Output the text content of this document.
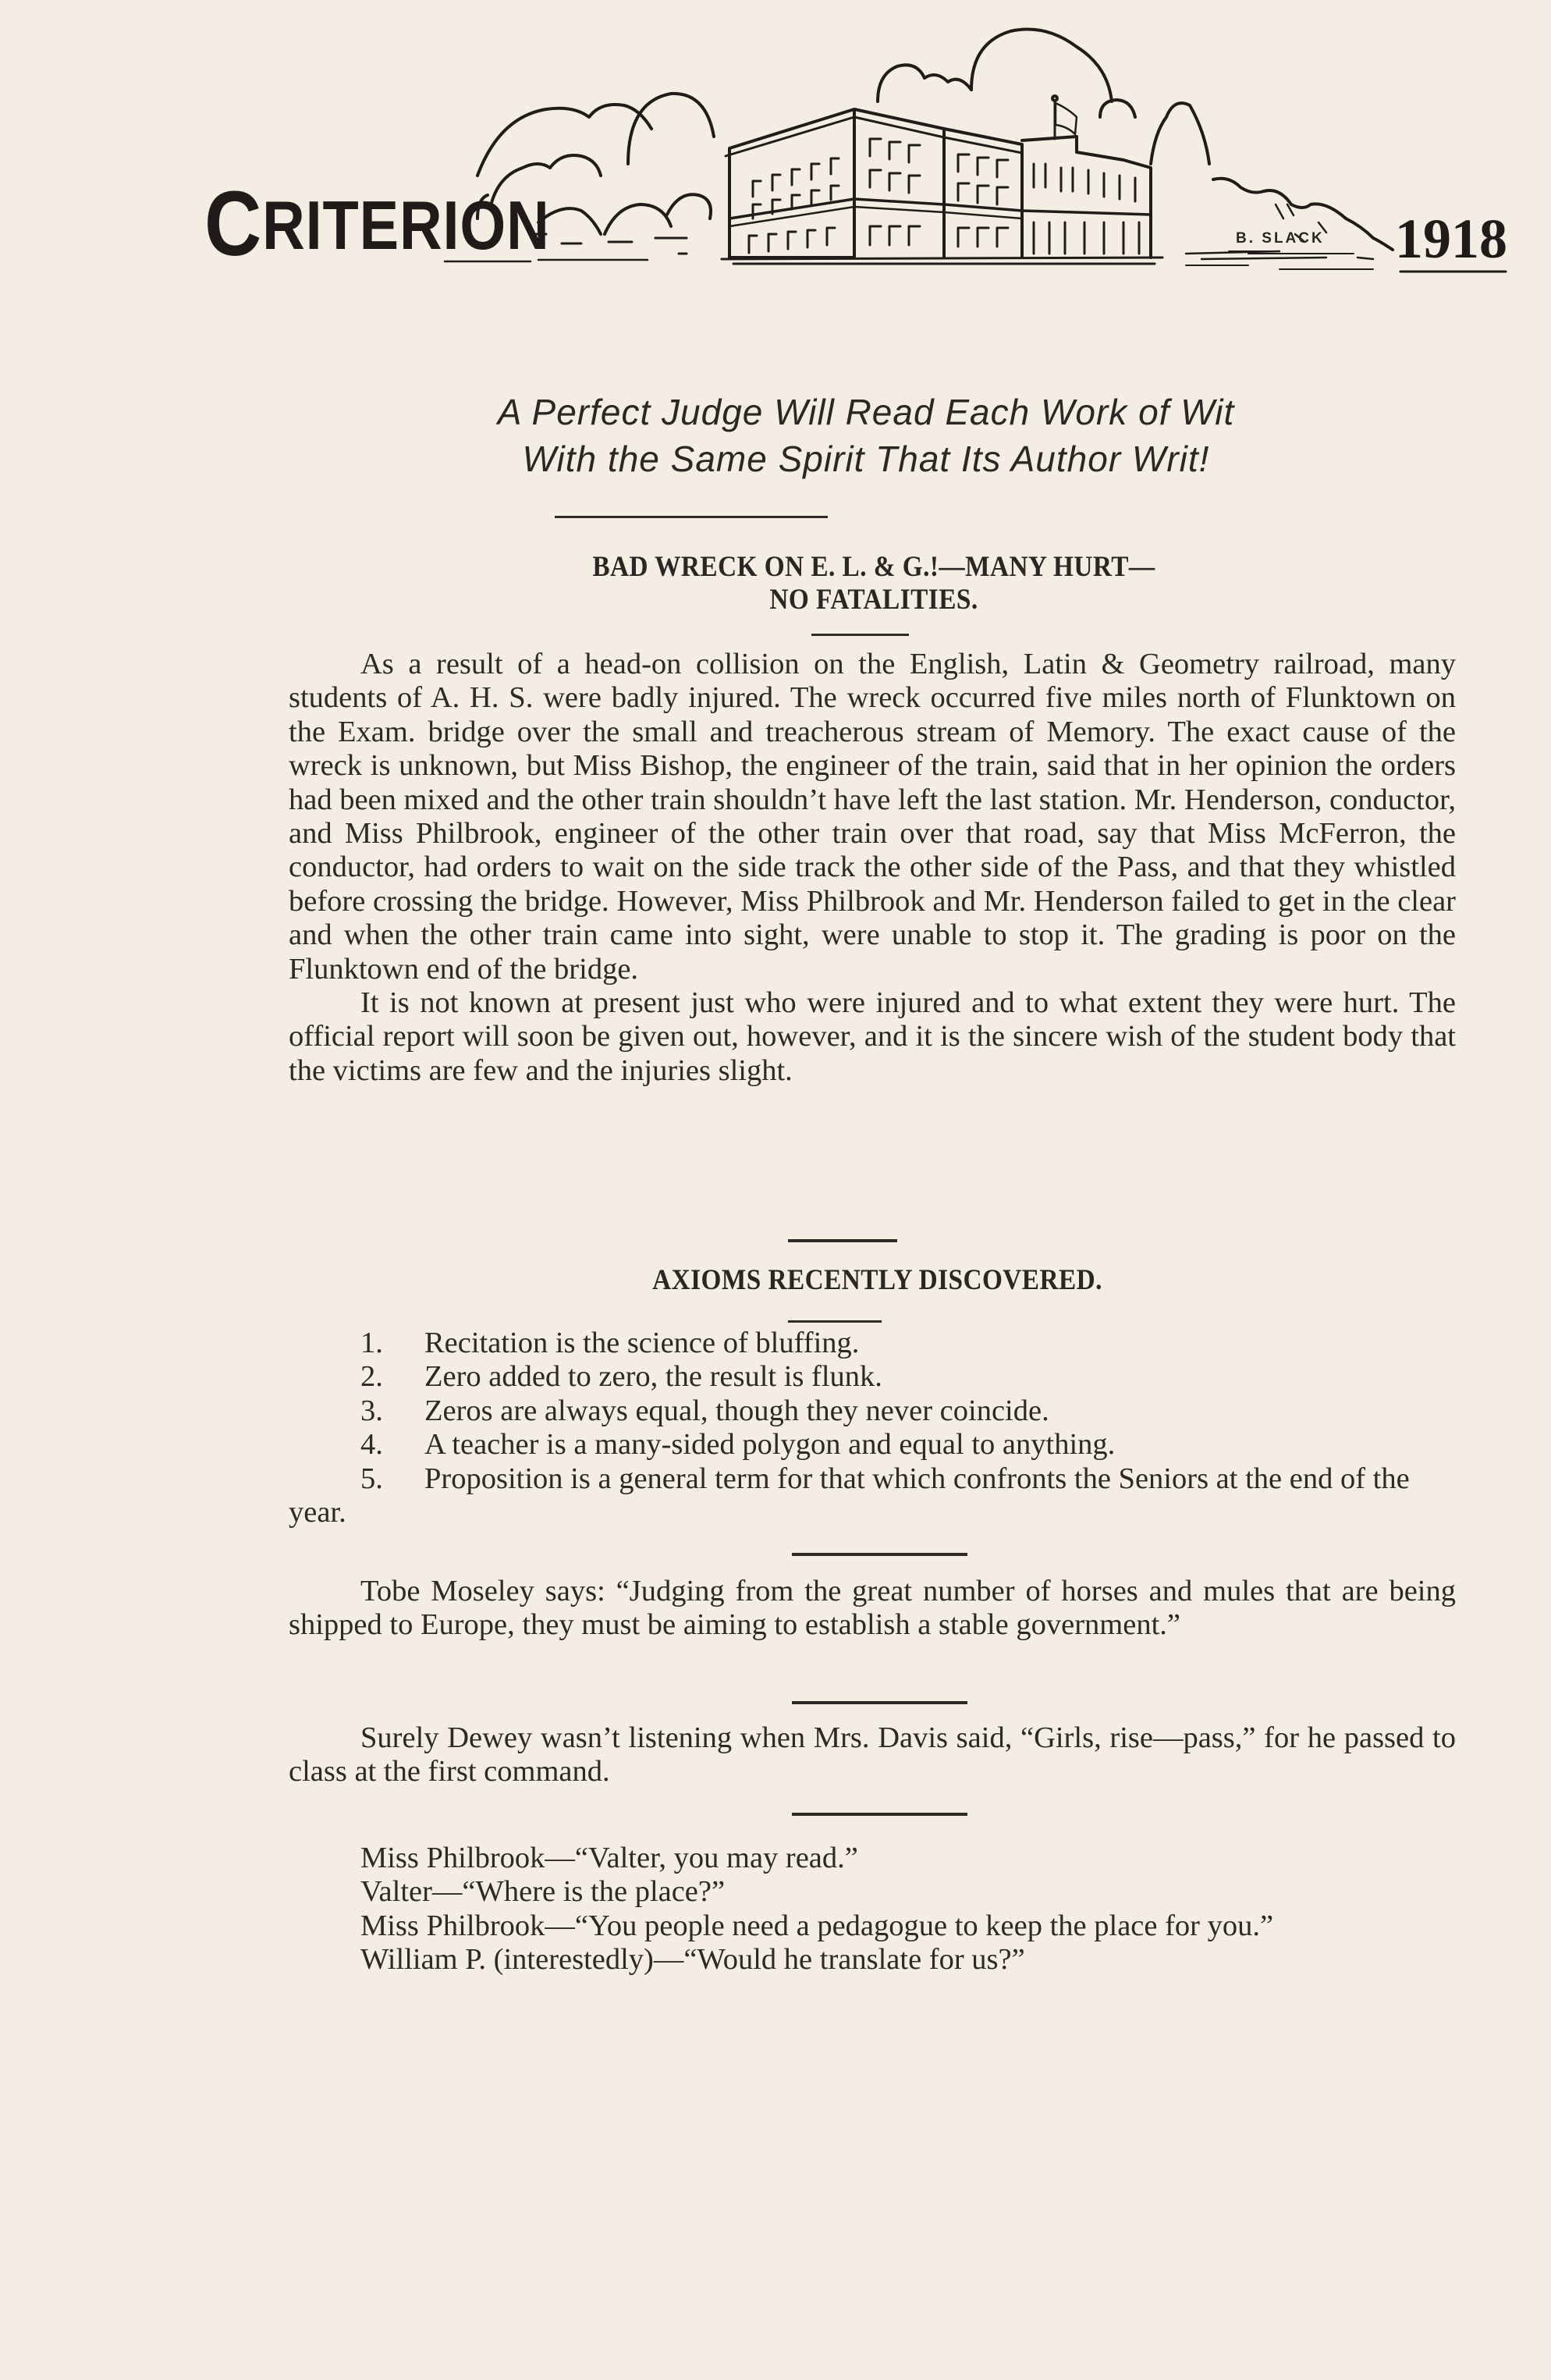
CRITERION	B. SLACK 1918
A Perfect Judge Will Read Each Work of Wit
With the Same Spirit That Its Author Writ!
BAD WRECK ON E. L. & G.!—MANY HURT—
NO FATALITIES.

As a result of a head-on collision on the English, Latin & Geometry railroad, many students of A. H. S. were badly injured. The wreck occurred five miles north of Flunktown on the Exam. bridge over the small and treacherous stream of Memory. The exact cause of the wreck is unknown, but Miss Bishop, the engineer of the train, said that in her opinion the orders had been mixed and the other train shouldn’t have left the last station. Mr. Henderson, conductor, and Miss Philbrook, engineer of the other train over that road, say that Miss McFerron, the conductor, had orders to wait on the side track the other side of the Pass, and that they whistled before crossing the bridge. However, Miss Philbrook and Mr. Henderson failed to get in the clear and when the other train came into sight, were unable to stop it. The grading is poor on the Flunktown end of the bridge.

It is not known at present just who were injured and to what extent they were hurt. The official report will soon be given out, however, and it is the sincere wish of the student body that the victims are few and the injuries slight.

AXIOMS RECENTLY DISCOVERED.
1. Recitation is the science of bluffing.
2. Zero added to zero, the result is flunk.
3. Zeros are always equal, though they never coincide.
4. A teacher is a many-sided polygon and equal to anything.
5. Proposition is a general term for that which confronts the Seniors at the end of the year.

Tobe Moseley says: “Judging from the great number of horses and mules that are being shipped to Europe, they must be aiming to establish a stable government.”

Surely Dewey wasn’t listening when Mrs. Davis said, “Girls, rise—pass,” for he passed to class at the first command.

Miss Philbrook—“Valter, you may read.”
Valter—“Where is the place?”
Miss Philbrook—“You people need a pedagogue to keep the place for you.”
William P. (interestedly)—“Would he translate for us?”
